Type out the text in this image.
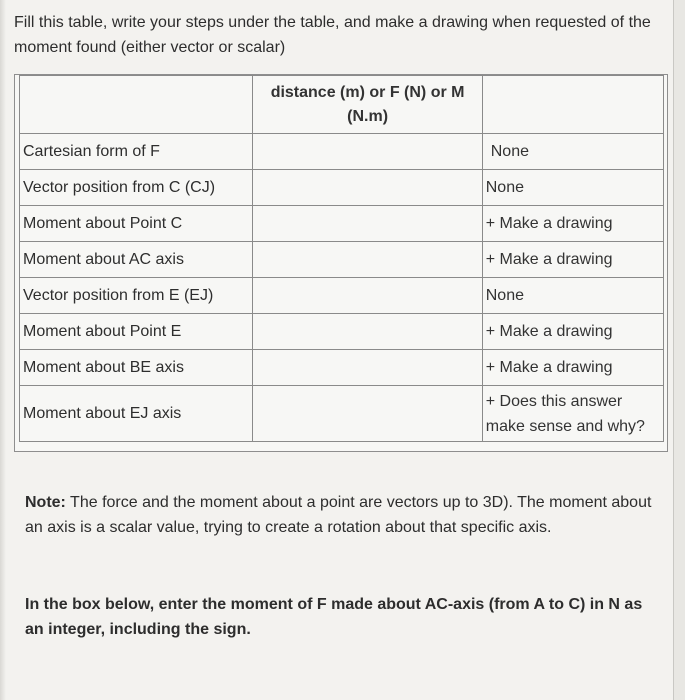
Fill this table, write your steps under the table, and make a drawing when requested of the moment found (either vector or scalar)
	distance (m) or F (N) or M (N.m)	
Cartesian form of F		None
Vector position from C (CJ)		None
Moment about Point C		+ Make a drawing
Moment about AC axis		+ Make a drawing
Vector position from E (EJ)		None
Moment about Point E		+ Make a drawing
Moment about BE axis		+ Make a drawing
Moment about EJ axis		+ Does this answer make sense and why?
Note: The force and the moment about a point are vectors up to 3D). The moment about an axis is a scalar value, trying to create a rotation about that specific axis.
In the box below, enter the moment of F made about AC-axis (from A to C) in N as an integer, including the sign.
